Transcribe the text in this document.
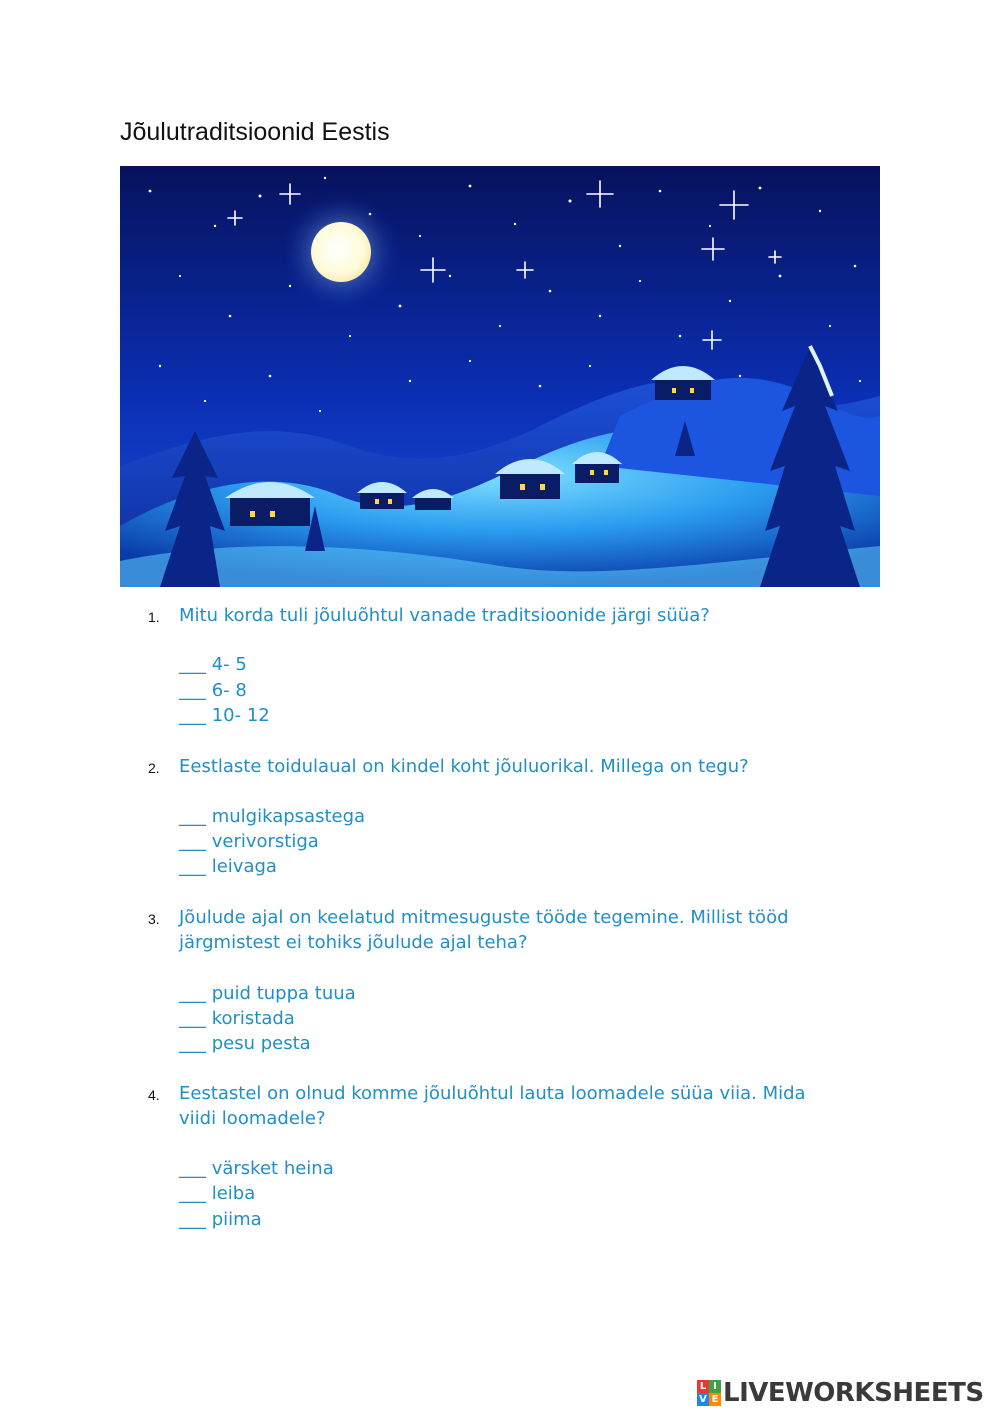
Jõulutraditsioonid Eestis
1. Mitu korda tuli jõuluõhtul vanade traditsioonide järgi süüa?
___ 4- 5
___ 6- 8
___ 10- 12
2. Eestlaste toidulaual on kindel koht jõuluorikal. Millega on tegu?
___ mulgikapsastega
___ verivorstiga
___ leivaga
3. Jõulude ajal on keelatud mitmesuguste tööde tegemine. Millist tööd
järgmistest ei tohiks jõulude ajal teha?
___ puid tuppa tuua
___ koristada
___ pesu pesta
4. Eestastel on olnud komme jõuluõhtul lauta loomadele süüa viia. Mida
viidi loomadele?
___ värsket heina
___ leiba
___ piima
L I
V E LIVEWORKSHEETS
